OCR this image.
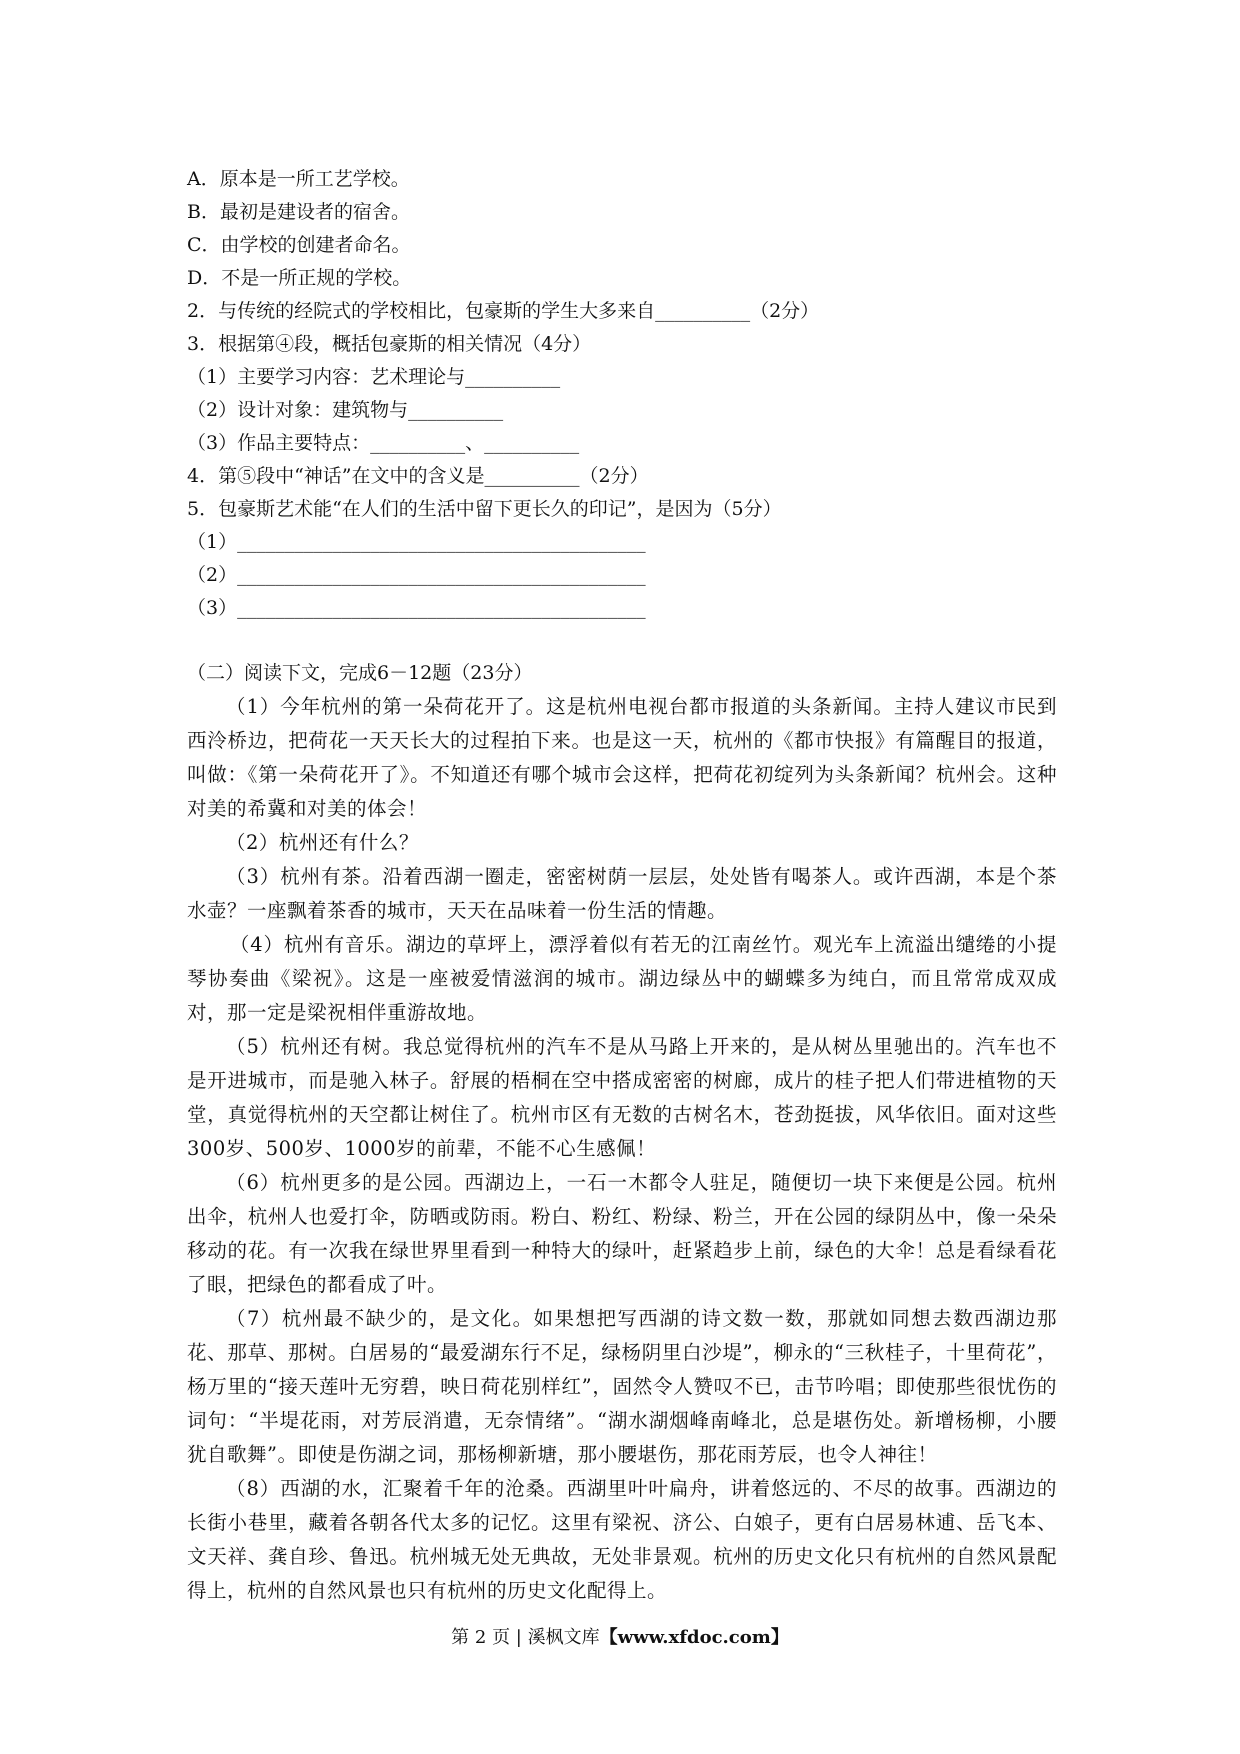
A．原本是一所工艺学校。
B．最初是建设者的宿舍。
C．由学校的创建者命名。
D．不是一所正规的学校。
2．与传统的经院式的学校相比，包豪斯的学生大多来自__________（2分）
3．根据第④段，概括包豪斯的相关情况（4分）
（1）主要学习内容：艺术理论与__________
（2）设计对象：建筑物与__________
（3）作品主要特点：__________、__________
4．第⑤段中“神话”在文中的含义是__________（2分）
5．包豪斯艺术能“在人们的生活中留下更长久的印记”，是因为（5分）
（1）___________________________________________
（2）___________________________________________
（3）___________________________________________
（二）阅读下文，完成6－12题（23分）

（1）今年杭州的第一朵荷花开了。这是杭州电视台都市报道的头条新闻。主持人建议市民到西泠桥边，把荷花一天天长大的过程拍下来。也是这一天，杭州的《都市快报》有篇醒目的报道，叫做：《第一朵荷花开了》。不知道还有哪个城市会这样，把荷花初绽列为头条新闻？杭州会。这种对美的希冀和对美的体会！

（2）杭州还有什么？

（3）杭州有茶。沿着西湖一圈走，密密树荫一层层，处处皆有喝茶人。或许西湖，本是个茶水壶？一座飘着茶香的城市，天天在品味着一份生活的情趣。

（4）杭州有音乐。湖边的草坪上，漂浮着似有若无的江南丝竹。观光车上流溢出缱绻的小提琴协奏曲《梁祝》。这是一座被爱情滋润的城市。湖边绿丛中的蝴蝶多为纯白，而且常常成双成对，那一定是梁祝相伴重游故地。

（5）杭州还有树。我总觉得杭州的汽车不是从马路上开来的，是从树丛里驰出的。汽车也不是开进城市，而是驰入林子。舒展的梧桐在空中搭成密密的树廊，成片的桂子把人们带进植物的天堂，真觉得杭州的天空都让树住了。杭州市区有无数的古树名木，苍劲挺拔，风华依旧。面对这些300岁、500岁、1000岁的前辈，不能不心生感佩！

（6）杭州更多的是公园。西湖边上，一石一木都令人驻足，随便切一块下来便是公园。杭州出伞，杭州人也爱打伞，防晒或防雨。粉白、粉红、粉绿、粉兰，开在公园的绿阴丛中，像一朵朵移动的花。有一次我在绿世界里看到一种特大的绿叶，赶紧趋步上前，绿色的大伞！总是看绿看花了眼，把绿色的都看成了叶。

（7）杭州最不缺少的，是文化。如果想把写西湖的诗文数一数，那就如同想去数西湖边那花、那草、那树。白居易的“最爱湖东行不足，绿杨阴里白沙堤”，柳永的“三秋桂子，十里荷花”，杨万里的“接天莲叶无穷碧，映日荷花别样红”，固然令人赞叹不已，击节吟唱；即使那些很忧伤的词句：“半堤花雨，对芳辰消遣，无奈情绪”。“湖水湖烟峰南峰北，总是堪伤处。新增杨柳，小腰犹自歌舞”。即使是伤湖之词，那杨柳新塘，那小腰堪伤，那花雨芳辰，也令人神往！

（8）西湖的水，汇聚着千年的沧桑。西湖里叶叶扁舟，讲着悠远的、不尽的故事。西湖边的长街小巷里，藏着各朝各代太多的记忆。这里有梁祝、济公、白娘子，更有白居易林逋、岳飞本、文天祥、龚自珍、鲁迅。杭州城无处无典故，无处非景观。杭州的历史文化只有杭州的自然风景配得上，杭州的自然风景也只有杭州的历史文化配得上。

第 2 页 | 溪枫文库【www.xfdoc.com】
